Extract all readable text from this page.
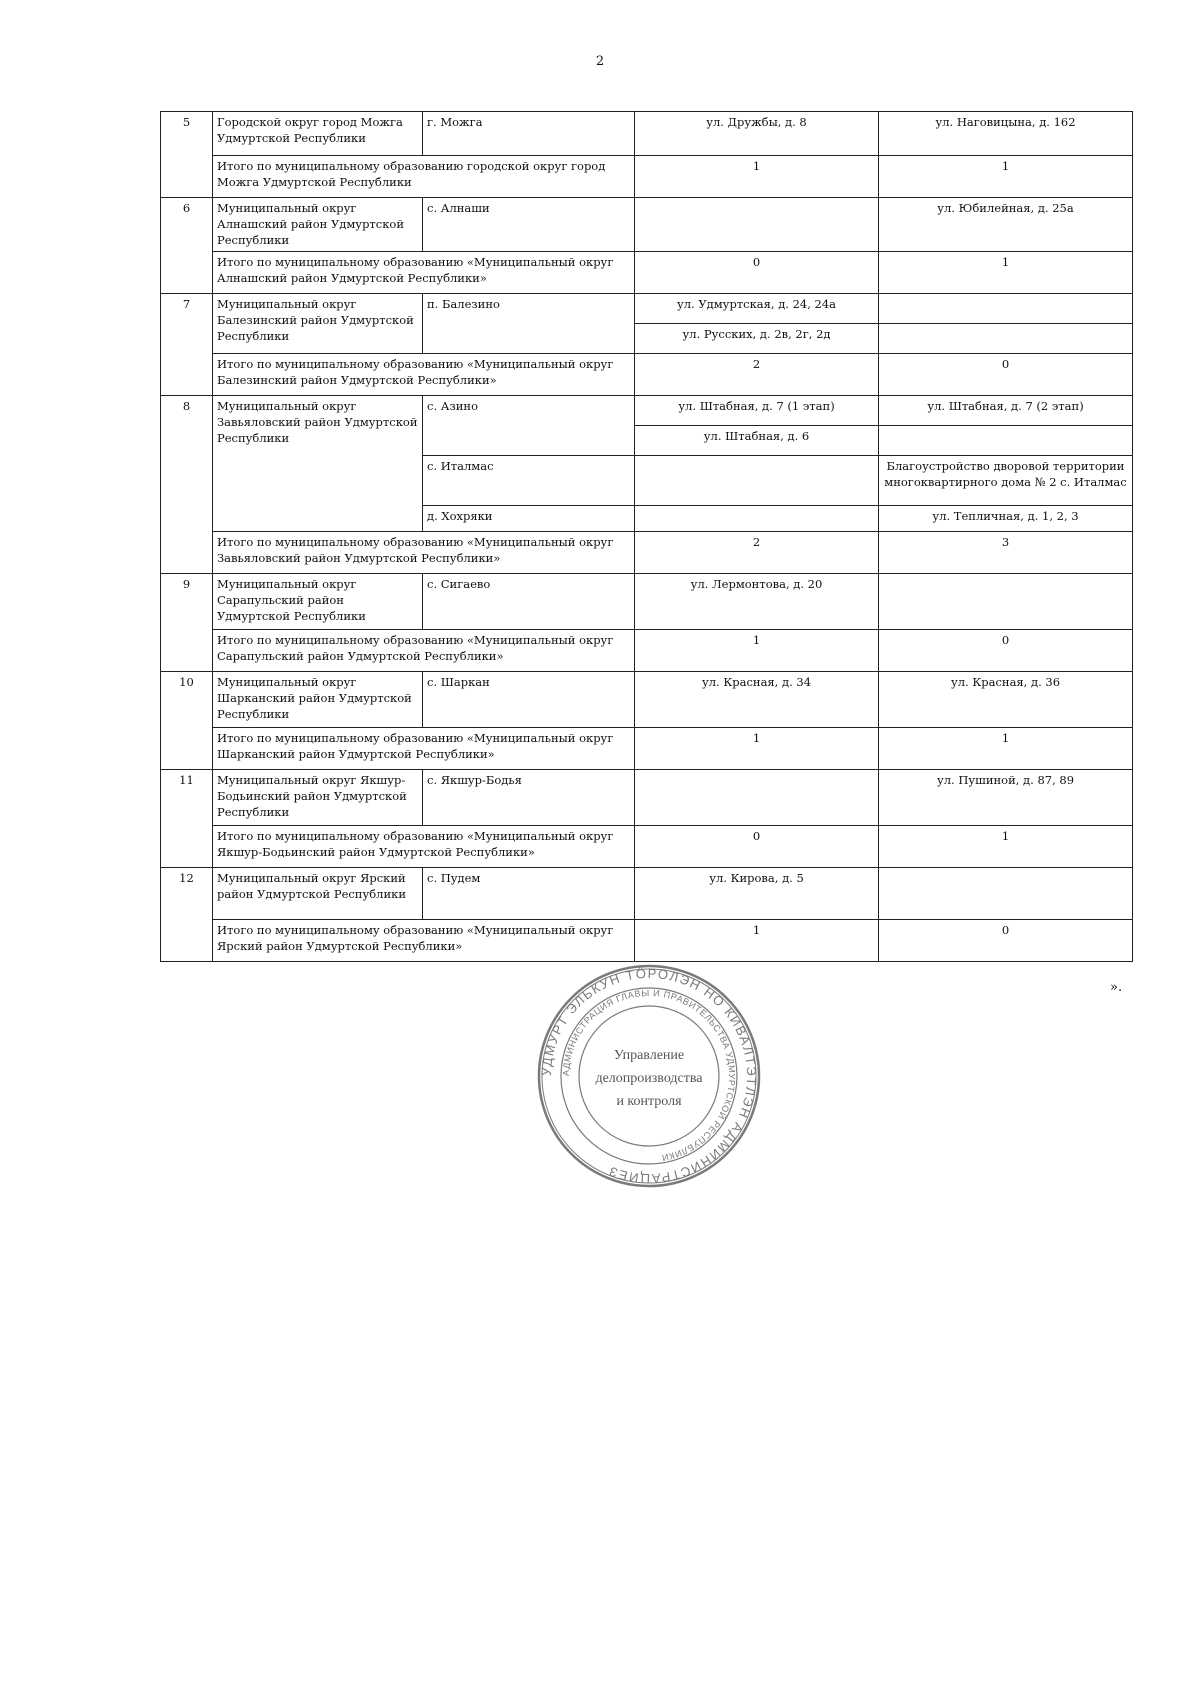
2
5	Городской округ город Можга Удмуртской Республики	г. Можга	ул. Дружбы, д. 8	ул. Наговицына, д. 162
	Итого по муниципальному образованию городской округ город Можга Удмуртской Республики		1	1
6	Муниципальный округ Алнашский район Удмуртской Республики	с. Алнаши		ул. Юбилейная, д. 25а
	Итого по муниципальному образованию «Муниципальный округ Алнашский район Удмуртской Республики»		0	1
7	Муниципальный округ Балезинский район Удмуртской Республики	п. Балезино	ул. Удмуртская, д. 24, 24а	
			ул. Русских, д. 2в, 2г, 2д	
	Итого по муниципальному образованию «Муниципальный округ Балезинский район Удмуртской Республики»		2	0
8	Муниципальный округ Завьяловский район Удмуртской Республики	с. Азино	ул. Штабная, д. 7 (1 этап)	ул. Штабная, д. 7 (2 этап)
			ул. Штабная, д. 6	
		с. Италмас		Благоустройство дворовой территории многоквартирного дома № 2 с. Италмас
		д. Хохряки		ул. Тепличная, д. 1, 2, 3
	Итого по муниципальному образованию «Муниципальный округ Завьяловский район Удмуртской Республики»		2	3
9	Муниципальный округ Сарапульский район Удмуртской Республики	с. Сигаево	ул. Лермонтова, д. 20	
	Итого по муниципальному образованию «Муниципальный округ Сарапульский район Удмуртской Республики»		1	0
10	Муниципальный округ Шарканский район Удмуртской Республики	с. Шаркан	ул. Красная, д. 34	ул. Красная, д. 36
	Итого по муниципальному образованию «Муниципальный округ Шарканский район Удмуртской Республики»		1	1
11	Муниципальный округ Якшур-Бодьинский район Удмуртской Республики	с. Якшур-Бодья		ул. Пушиной, д. 87, 89
	Итого по муниципальному образованию «Муниципальный округ Якшур-Бодьинский район Удмуртской Республики»		0	1
12	Муниципальный округ Ярский район Удмуртской Республики	с. Пудем	ул. Кирова, д. 5	
	Итого по муниципальному образованию «Муниципальный округ Ярский район Удмуртской Республики»		1	0
».
УДМУРТ ЭЛЬКУН ТӦРОЛЭН НО КИВАЛТЭТЛЭН АДМИНИСТРАЦИЕЗ
АДМИНИСТРАЦИЯ ГЛАВЫ И ПРАВИТЕЛЬСТВА УДМУРТСКОЙ РЕСПУБЛИКИ
Управление
делопроизводства
и контроля
